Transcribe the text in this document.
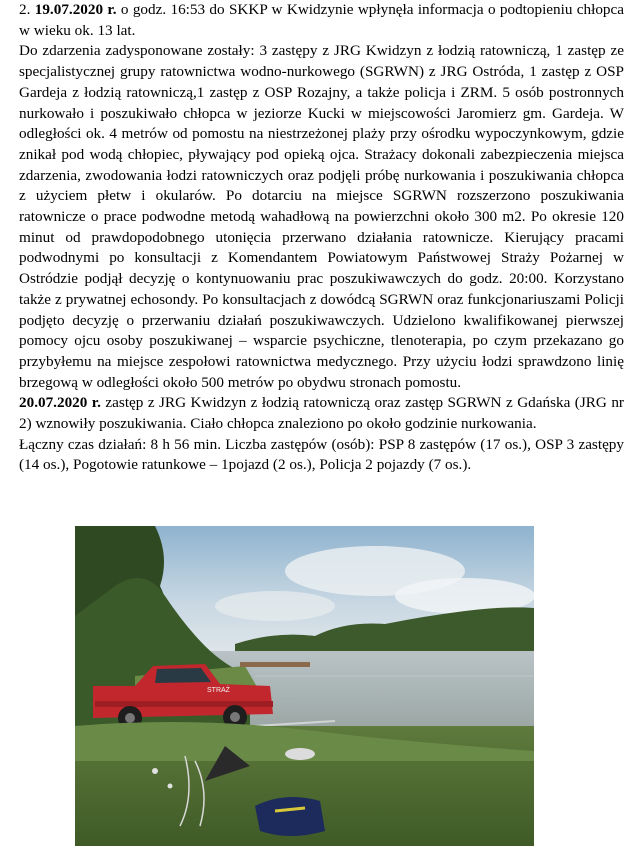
2. 19.07.2020 r. o godz. 16:53 do SKKP w Kwidzynie wpłynęła informacja o podtopieniu chłopca w wieku ok. 13 lat.

Do zdarzenia zadysponowane zostały: 3 zastępy z JRG Kwidzyn z łodzią ratowniczą, 1 zastęp ze specjalistycznej grupy ratownictwa wodno-nurkowego (SGRWN) z JRG Ostróda, 1 zastęp z OSP Gardeja z łodzią ratowniczą,1 zastęp z OSP Rozajny, a także policja i ZRM. 5 osób postronnych nurkowało i poszukiwało chłopca w jeziorze Kucki w miejscowości Jaromierz gm. Gardeja. W odległości ok. 4 metrów od pomostu na niestrzeżonej plaży przy ośrodku wypoczynkowym, gdzie znikał pod wodą chłopiec, pływający pod opieką ojca. Strażacy dokonali zabezpieczenia miejsca zdarzenia, zwodowania łodzi ratowniczych oraz podjęli próbę nurkowania i poszukiwania chłopca z użyciem płetw i okularów. Po dotarciu na miejsce SGRWN rozszerzono poszukiwania ratownicze o prace podwodne metodą wahadłową na powierzchni około 300 m2. Po okresie 120 minut od prawdopodobnego utonięcia przerwano działania ratownicze. Kierujący pracami podwodnymi po konsultacji z Komendantem Powiatowym Państwowej Straży Pożarnej w Ostródzie podjął decyzję o kontynuowaniu prac poszukiwawczych do godz. 20:00. Korzystano także z prywatnej echosondy. Po konsultacjach z dowódcą SGRWN oraz funkcjonariuszami Policji podjęto decyzję o przerwaniu działań poszukiwawczych. Udzielono kwalifikowanej pierwszej pomocy ojcu osoby poszukiwanej – wsparcie psychiczne, tlenoterapia, po czym przekazano go przybyłemu na miejsce zespołowi ratownictwa medycznego. Przy użyciu łodzi sprawdzono linię brzegową w odległości około 500 metrów po obydwu stronach pomostu.

20.07.2020 r. zastęp z JRG Kwidzyn z łodzią ratowniczą oraz zastęp SGRWN z Gdańska (JRG nr 2) wznowiły poszukiwania. Ciało chłopca znaleziono po około godzinie nurkowania.

Łączny czas działań: 8 h 56 min. Liczba zastępów (osób): PSP 8 zastępów (17 os.), OSP 3 zastępy (14 os.), Pogotowie ratunkowe – 1pojazd (2 os.), Policja 2 pojazdy (7 os.).

STRAŻ
